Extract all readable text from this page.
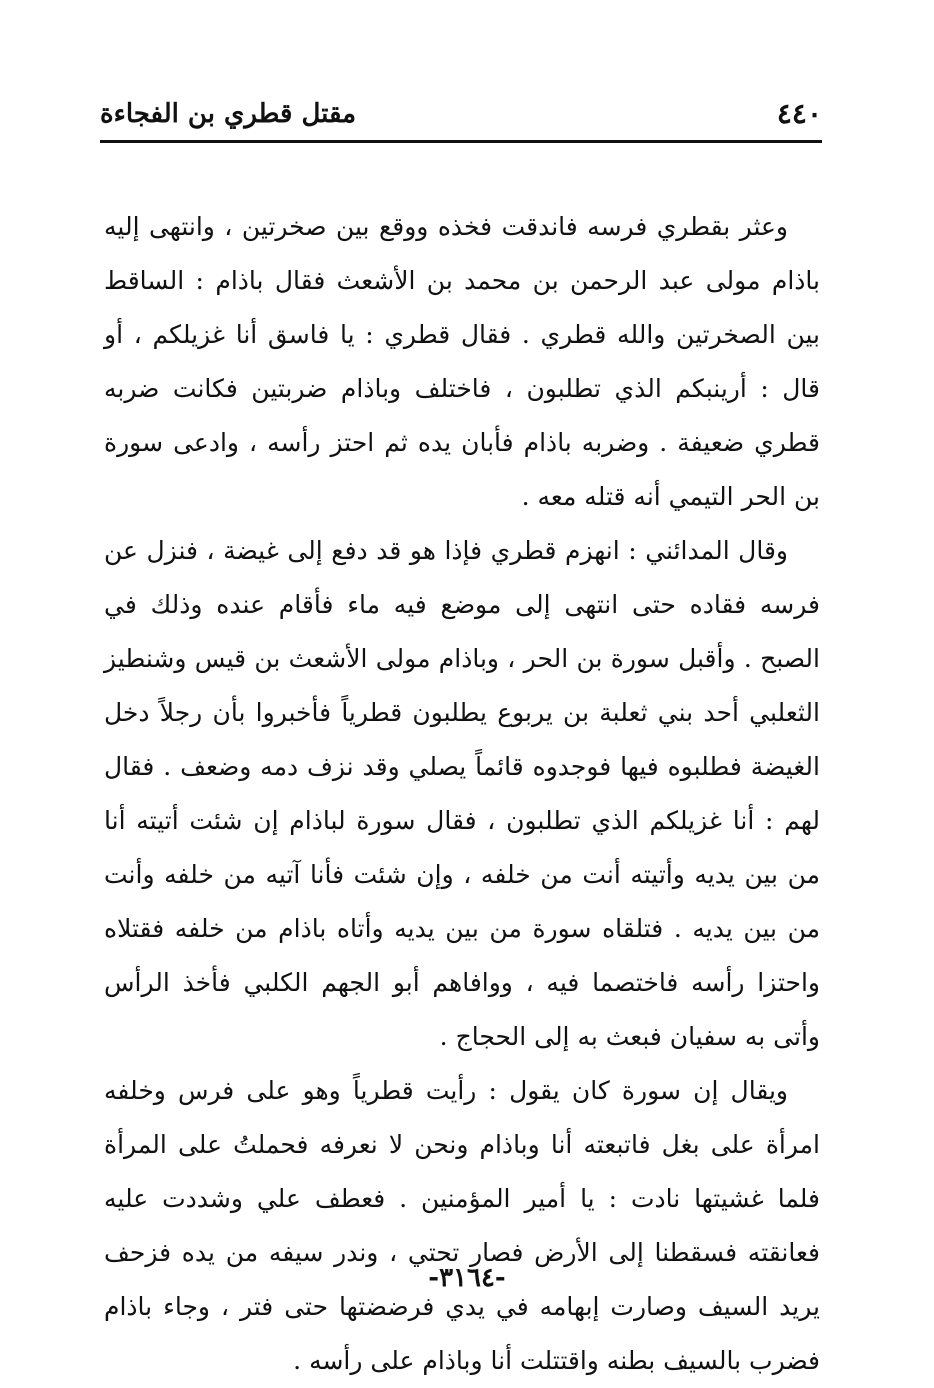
٤٤٠
مقتل قطري بن الفجاءة

وعثر بقطري فرسه فاندقت فخذه ووقع بين صخرتين ، وانتهى إليه باذام مولى عبد الرحمن بن محمد بن الأشعث فقال باذام : الساقط بين الصخرتين والله قطري . فقال قطري : يا فاسق أنا غزيلكم ، أو قال : أرينبكم الذي تطلبون ، فاختلف وباذام ضربتين فكانت ضربه قطري ضعيفة . وضربه باذام فأبان يده ثم احتز رأسه ، وادعى سورة بن الحر التيمي أنه قتله معه .

وقال المدائني : انهزم قطري فإذا هو قد دفع إلى غيضة ، فنزل عن فرسه فقاده حتى انتهى إلى موضع فيه ماء فأقام عنده وذلك في الصبح . وأقبل سورة بن الحر ، وباذام مولى الأشعث بن قيس وشنطيز الثعلبي أحد بني ثعلبة بن يربوع يطلبون قطرياً فأخبروا بأن رجلاً دخل الغيضة فطلبوه فيها فوجدوه قائماً يصلي وقد نزف دمه وضعف . فقال لهم : أنا غزيلكم الذي تطلبون ، فقال سورة لباذام إن شئت أتيته أنا من بين يديه وأتيته أنت من خلفه ، وإن شئت فأنا آتيه من خلفه وأنت من بين يديه . فتلقاه سورة من بين يديه وأتاه باذام من خلفه فقتلاه واحتزا رأسه فاختصما فيه ، ووافاهم أبو الجهم الكلبي فأخذ الرأس وأتى به سفيان فبعث به إلى الحجاج .

ويقال إن سورة كان يقول : رأيت قطرياً وهو على فرس وخلفه امرأة على بغل فاتبعته أنا وباذام ونحن لا نعرفه فحملتُ على المرأة فلما غشيتها نادت : يا أمير المؤمنين . فعطف علي وشددت عليه فعانقته فسقطنا إلى الأرض فصار تحتي ، وندر سيفه من يده فزحف يريد السيف وصارت إبهامه في يدي فرضضتها حتى فتر ، وجاء باذام فضرب بالسيف بطنه واقتتلت أنا وباذام على رأسه .

-٣١٦٤-
